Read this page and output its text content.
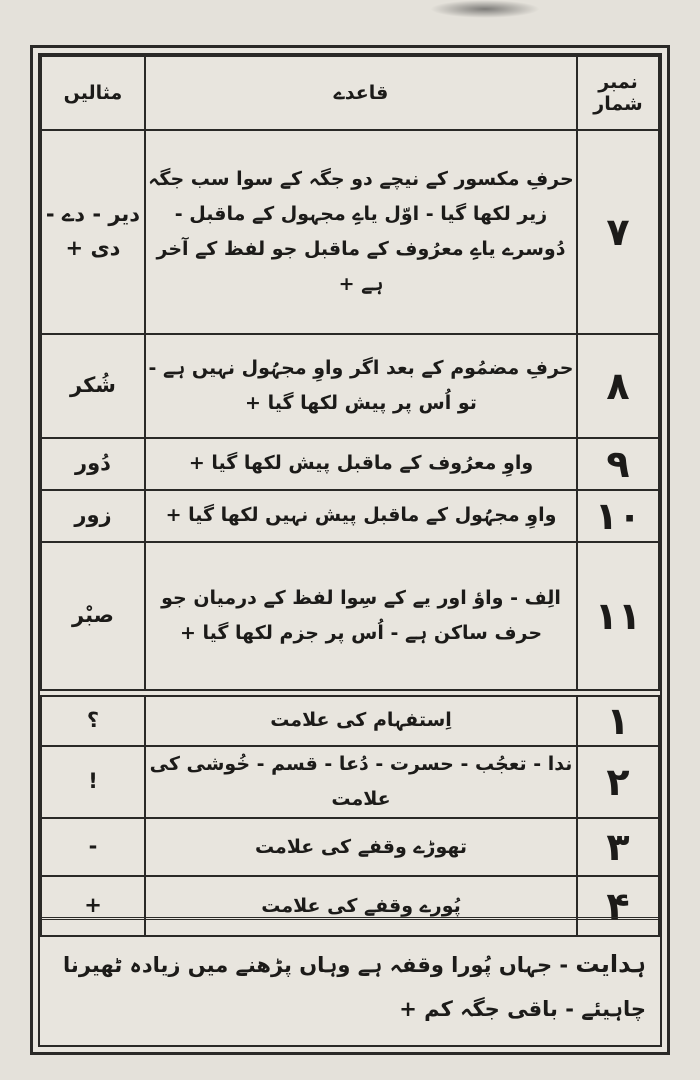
نمبر شمار	قاعدے	مثالیں
۷	حرفِ مکسور کے نیچے دو جگہ کے سوا سب جگہ زیر لکھا گیا - اوّل یاےِ مجہول کے ماقبل - دُوسرے یاےِ معرُوف کے ماقبل جو لفظ کے آخر ہے +	دیر - دے - دی +
۸	حرفِ مضمُوم کے بعد اگر واوِ مجہُول نہیں ہے - تو اُس پر پیش لکھا گیا +	شُکر
۹	واوِ معرُوف کے ماقبل پیش لکھا گیا +	دُور
۱۰	واوِ مجہُول کے ماقبل پیش نہیں لکھا گیا +	زور
۱۱	الِف - واؤ اور یے کے سِوا لفظ کے درمیان جو حرف ساکن ہے - اُس پر جزم لکھا گیا +	صبْر

۱	اِستفہام کی علامت	؟
۲	ندا - تعجُب - حسرت - دُعا - قسم - خُوشی کی علامت	!
۳	تھوڑے وقفے کی علامت	-
۴	پُورے وقفے کی علامت	+
ہدایت - جہاں پُورا وقفہ ہے وہاں پڑھنے میں زیادہ ٹھیرنا چاہیئے - باقی جگہ کم +
